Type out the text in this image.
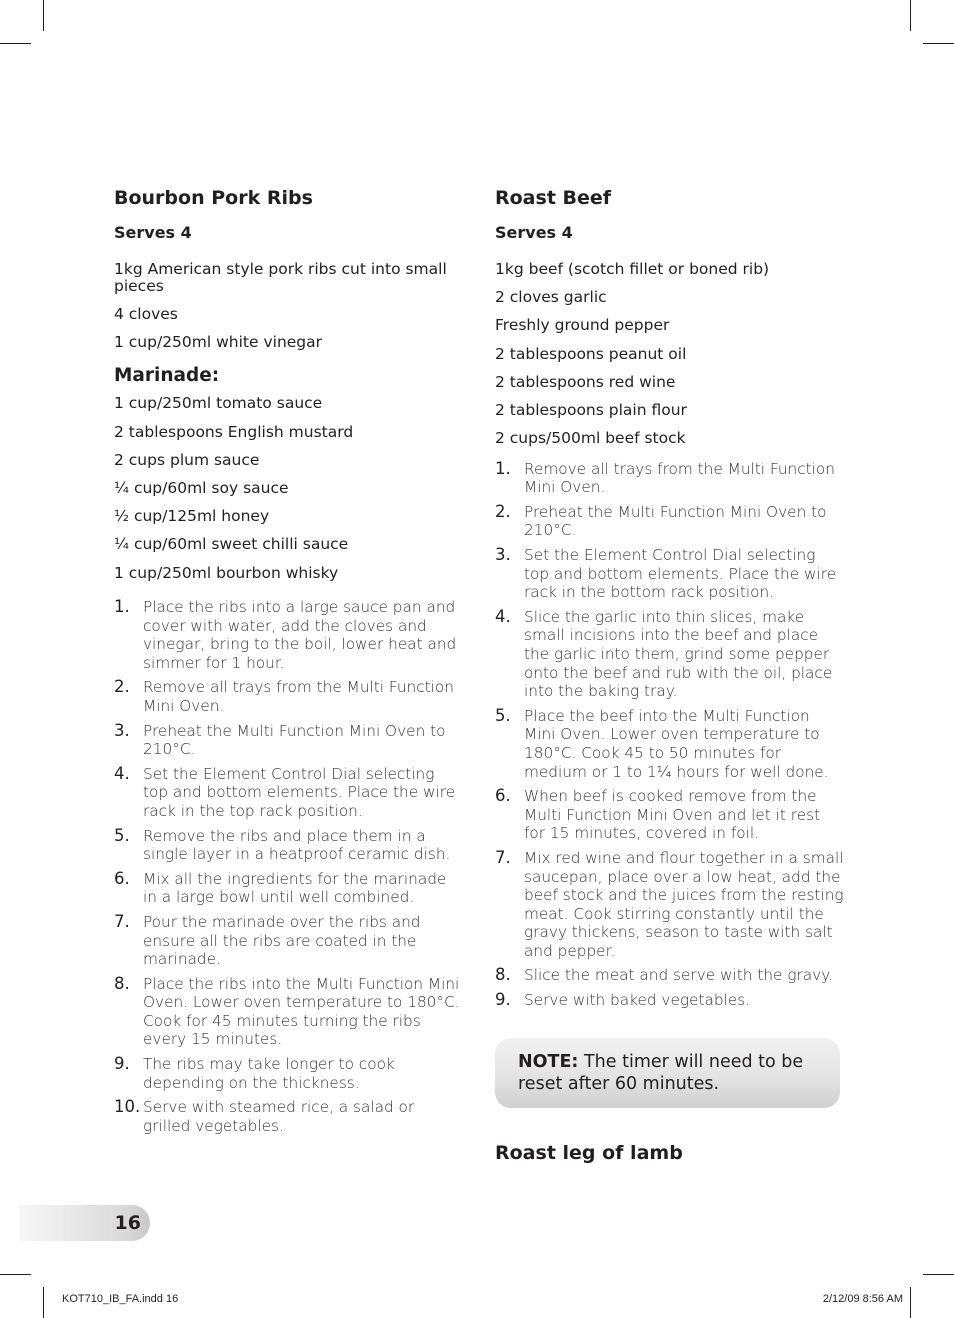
Bourbon Pork Ribs
Serves 4
1kg American style pork ribs cut into small pieces
4 cloves
1 cup/250ml white vinegar
Marinade:
1 cup/250ml tomato sauce
2 tablespoons English mustard
2 cups plum sauce
¼ cup/60ml soy sauce
½ cup/125ml honey
¼ cup/60ml sweet chilli sauce
1 cup/250ml bourbon whisky
1. Place the ribs into a large sauce pan and cover with water, add the cloves and vinegar, bring to the boil, lower heat and simmer for 1 hour.
2. Remove all trays from the Multi Function Mini Oven.
3. Preheat the Multi Function Mini Oven to 210°C.
4. Set the Element Control Dial selecting top and bottom elements. Place the wire rack in the top rack position.
5. Remove the ribs and place them in a single layer in a heatproof ceramic dish.
6. Mix all the ingredients for the marinade in a large bowl until well combined.
7. Pour the marinade over the ribs and ensure all the ribs are coated in the marinade.
8. Place the ribs into the Multi Function Mini Oven. Lower oven temperature to 180°C. Cook for 45 minutes turning the ribs every 15 minutes.
9. The ribs may take longer to cook depending on the thickness.
10. Serve with steamed rice, a salad or grilled vegetables.
Roast Beef
Serves 4
1kg beef (scotch fillet or boned rib)
2 cloves garlic
Freshly ground pepper
2 tablespoons peanut oil
2 tablespoons red wine
2 tablespoons plain flour
2 cups/500ml beef stock
1. Remove all trays from the Multi Function Mini Oven.
2. Preheat the Multi Function Mini Oven to 210°C.
3. Set the Element Control Dial selecting top and bottom elements. Place the wire rack in the bottom rack position.
4. Slice the garlic into thin slices, make small incisions into the beef and place the garlic into them, grind some pepper onto the beef and rub with the oil, place into the baking tray.
5. Place the beef into the Multi Function Mini Oven. Lower oven temperature to 180°C. Cook 45 to 50 minutes for medium or 1 to 1¼ hours for well done.
6. When beef is cooked remove from the Multi Function Mini Oven and let it rest for 15 minutes, covered in foil.
7. Mix red wine and flour together in a small saucepan, place over a low heat, add the beef stock and the juices from the resting meat. Cook stirring constantly until the gravy thickens, season to taste with salt and pepper.
8. Slice the meat and serve with the gravy.
9. Serve with baked vegetables.
NOTE: The timer will need to be reset after 60 minutes.
Roast leg of lamb
16
KOT710_IB_FA.indd 16	2/12/09 8:56 AM
